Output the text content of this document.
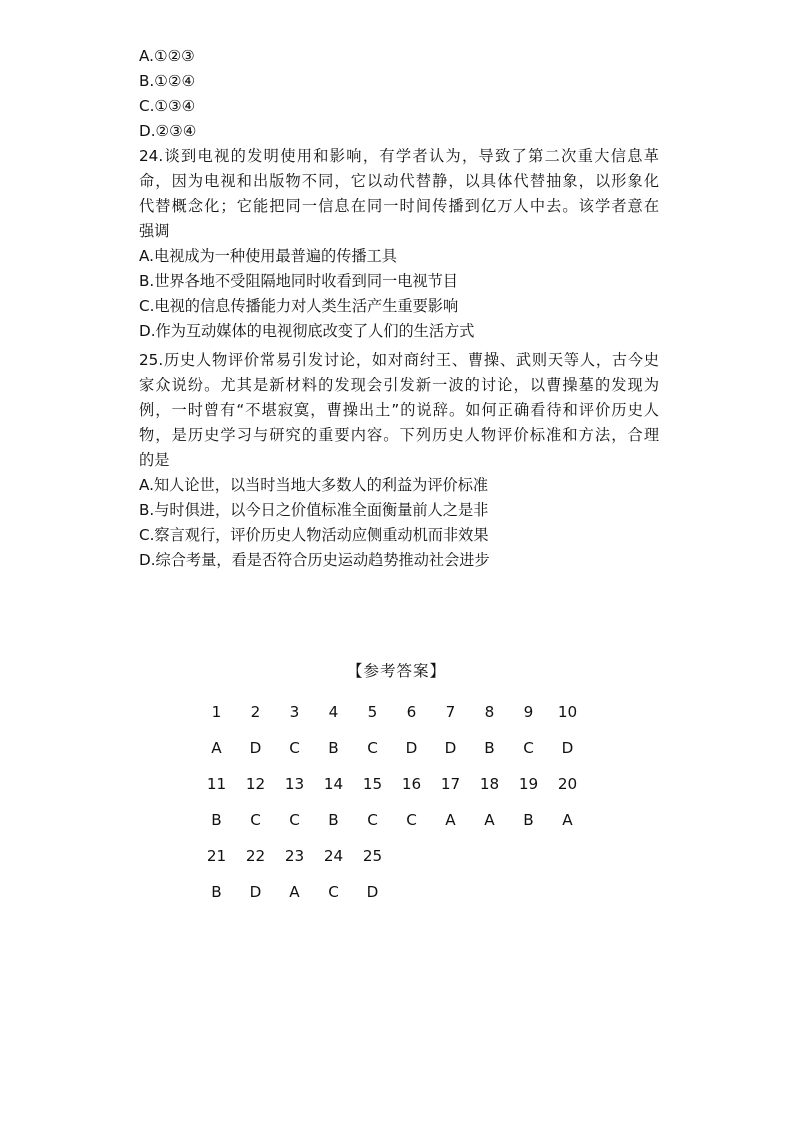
A.①②③

B.①②④

C.①③④

D.②③④

24.谈到电视的发明使用和影响，有学者认为，导致了第二次重大信息革

命，因为电视和出版物不同，它以动代替静，以具体代替抽象，以形象化

代替概念化；它能把同一信息在同一时间传播到亿万人中去。该学者意在

强调

A.电视成为一种使用最普遍的传播工具

B.世界各地不受阻隔地同时收看到同一电视节目

C.电视的信息传播能力对人类生活产生重要影响

D.作为互动媒体的电视彻底改变了人们的生活方式

25.历史人物评价常易引发讨论，如对商纣王、曹操、武则天等人，古今史

家众说纷。尤其是新材料的发现会引发新一波的讨论，以曹操墓的发现为

例，一时曾有“不堪寂寞，曹操出土”的说辞。如何正确看待和评价历史人

物，是历史学习与研究的重要内容。下列历史人物评价标准和方法，合理

的是

A.知人论世，以当时当地大多数人的利益为评价标准

B.与时俱进，以今日之价值标准全面衡量前人之是非

C.察言观行，评价历史人物活动应侧重动机而非效果

D.综合考量，看是否符合历史运动趋势推动社会进步

【参考答案】
1	2	3	4	5	6	7	8	9	10
A	D	C	B	C	D	D	B	C	D
11	12	13	14	15	16	17	18	19	20
B	C	C	B	C	C	A	A	B	A
21	22	23	24	25
B	D	A	C	D
